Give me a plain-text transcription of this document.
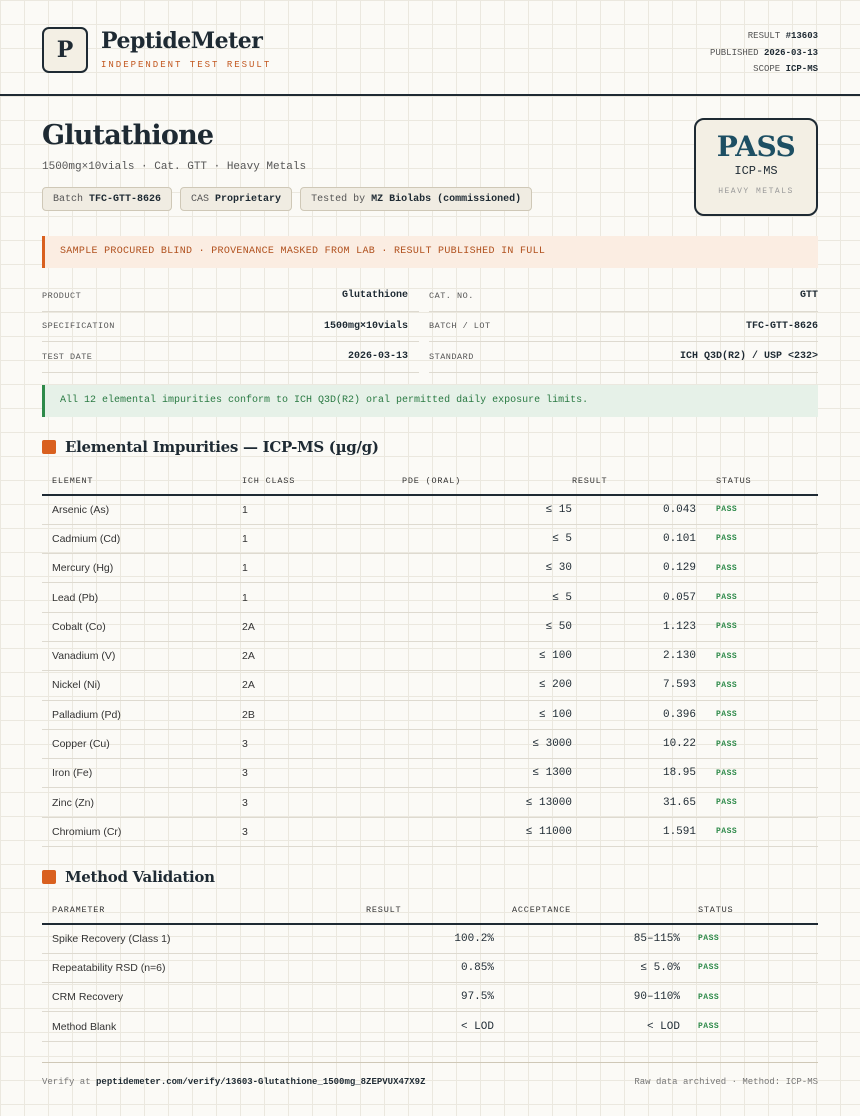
P	PeptideMeter
INDEPENDENT TEST RESULT
RESULT #13603
PUBLISHED 2026-03-13
SCOPE ICP-MS
Glutathione
1500mg×10vials · Cat. GTT · Heavy Metals
Batch TFC-GTT-8626	CAS Proprietary	Tested by MZ Biolabs (commissioned)
PASS
ICP-MS
HEAVY METALS
SAMPLE PROCURED BLIND · PROVENANCE MASKED FROM LAB · RESULT PUBLISHED IN FULL
PRODUCT	Glutathione CAT. NO.	GTT
SPECIFICATION	1500mg×10vials BATCH / LOT	TFC-GTT-8626
TEST DATE	2026-03-13 STANDARD	ICH Q3D(R2) / USP <232>
All 12 elemental impurities conform to ICH Q3D(R2) oral permitted daily exposure limits.
Elemental Impurities — ICP-MS (µg/g)
ELEMENT	ICH CLASS	PDE (ORAL)	RESULT	STATUS
Arsenic (As)	1	≤ 15	0.043	PASS
Cadmium (Cd)	1	≤ 5	0.101	PASS
Mercury (Hg)	1	≤ 30	0.129	PASS
Lead (Pb)	1	≤ 5	0.057	PASS
Cobalt (Co)	2A	≤ 50	1.123	PASS
Vanadium (V)	2A	≤ 100	2.130	PASS
Nickel (Ni)	2A	≤ 200	7.593	PASS
Palladium (Pd)	2B	≤ 100	0.396	PASS
Copper (Cu)	3	≤ 3000	10.22	PASS
Iron (Fe)	3	≤ 1300	18.95	PASS
Zinc (Zn)	3	≤ 13000	31.65	PASS
Chromium (Cr)	3	≤ 11000	1.591	PASS
Method Validation
PARAMETER	RESULT	ACCEPTANCE	STATUS
Spike Recovery (Class 1)	100.2%	85–115%	PASS
Repeatability RSD (n=6)	0.85%	≤ 5.0%	PASS
CRM Recovery	97.5%	90–110%	PASS
Method Blank	< LOD	< LOD	PASS
Verify at peptidemeter.com/verify/13603-Glutathione_1500mg_8ZEPVUX47X9Z	Raw data archived · Method: ICP-MS
